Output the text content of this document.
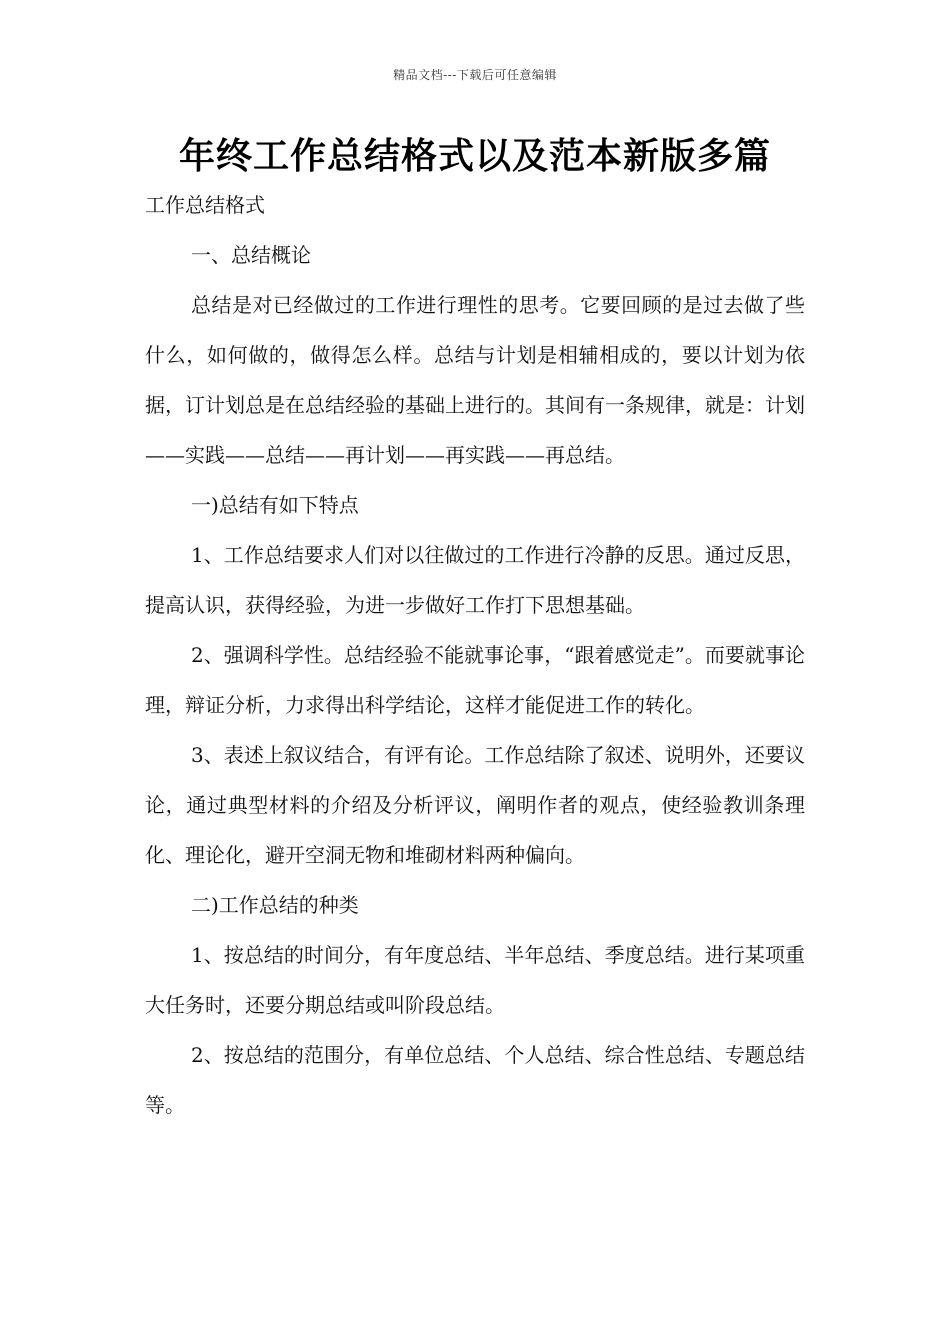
精品文档---下载后可任意编辑
年终工作总结格式以及范本新版多篇

工作总结格式

一、总结概论

总结是对已经做过的工作进行理性的思考。它要回顾的是过去做了些什么，如何做的，做得怎么样。总结与计划是相辅相成的，要以计划为依据，订计划总是在总结经验的基础上进行的。其间有一条规律，就是：计划——实践——总结——再计划——再实践——再总结。

一)总结有如下特点

1、工作总结要求人们对以往做过的工作进行冷静的反思。通过反思，提高认识，获得经验，为进一步做好工作打下思想基础。

2、强调科学性。总结经验不能就事论事，“跟着感觉走”。而要就事论理，辩证分析，力求得出科学结论，这样才能促进工作的转化。

3、表述上叙议结合，有评有论。工作总结除了叙述、说明外，还要议论，通过典型材料的介绍及分析评议，阐明作者的观点，使经验教训条理化、理论化，避开空洞无物和堆砌材料两种偏向。

二)工作总结的种类

1、按总结的时间分，有年度总结、半年总结、季度总结。进行某项重大任务时，还要分期总结或叫阶段总结。

2、按总结的范围分，有单位总结、个人总结、综合性总结、专题总结等。
